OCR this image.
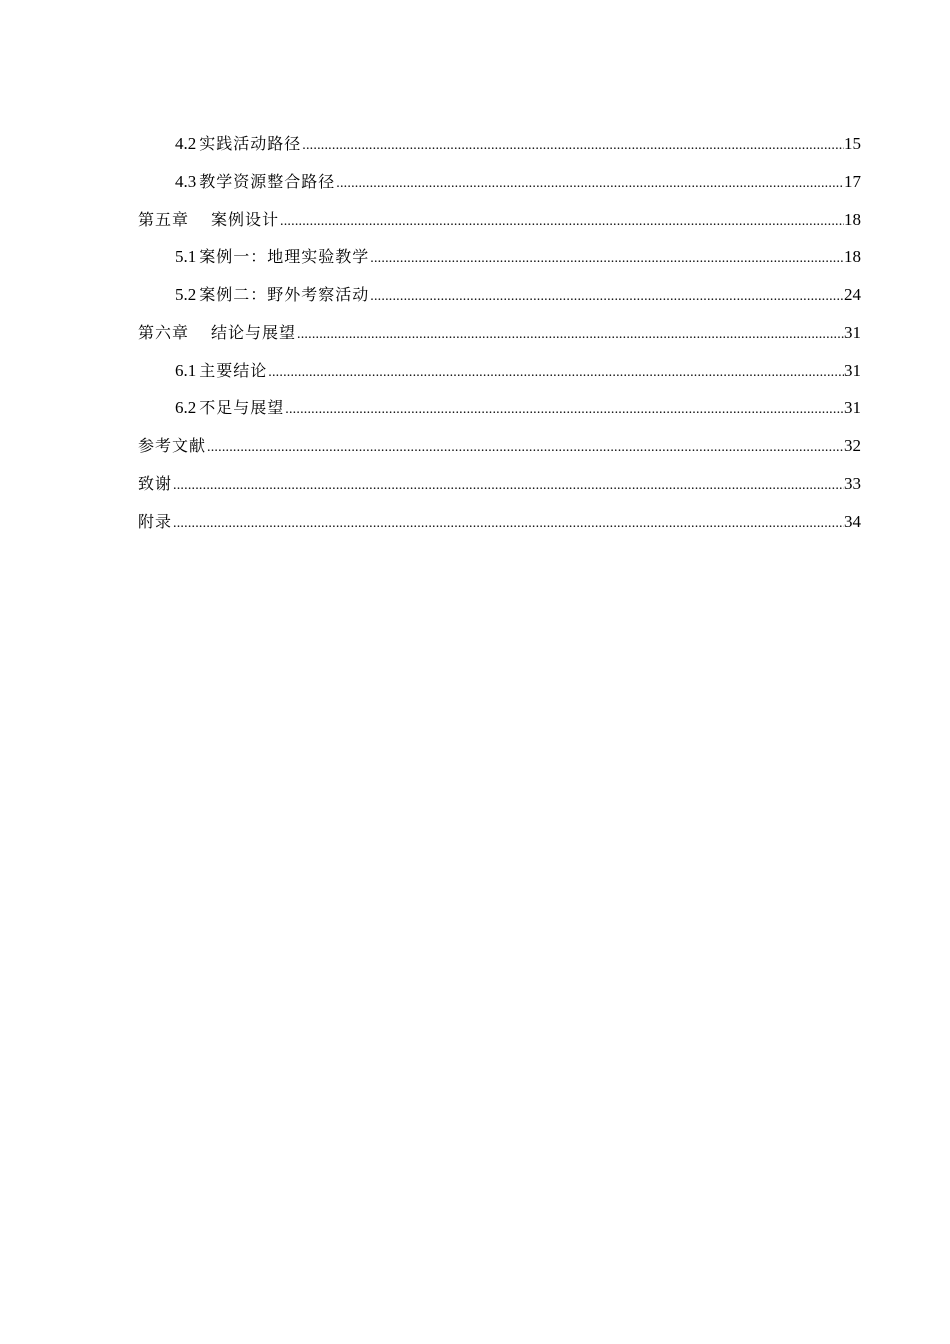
4.2 实践活动路径 .....	15
4.3 教学资源整合路径 .....	17
第五章 案例设计 .....	18
5.1 案例一：地理实验教学 .....	18
5.2 案例二：野外考察活动 .....	24
第六章 结论与展望 .....	31
6.1 主要结论 .....	31
6.2 不足与展望 .....	31
参考文献 .....	32
致谢 .....	33
附录 .....	34
